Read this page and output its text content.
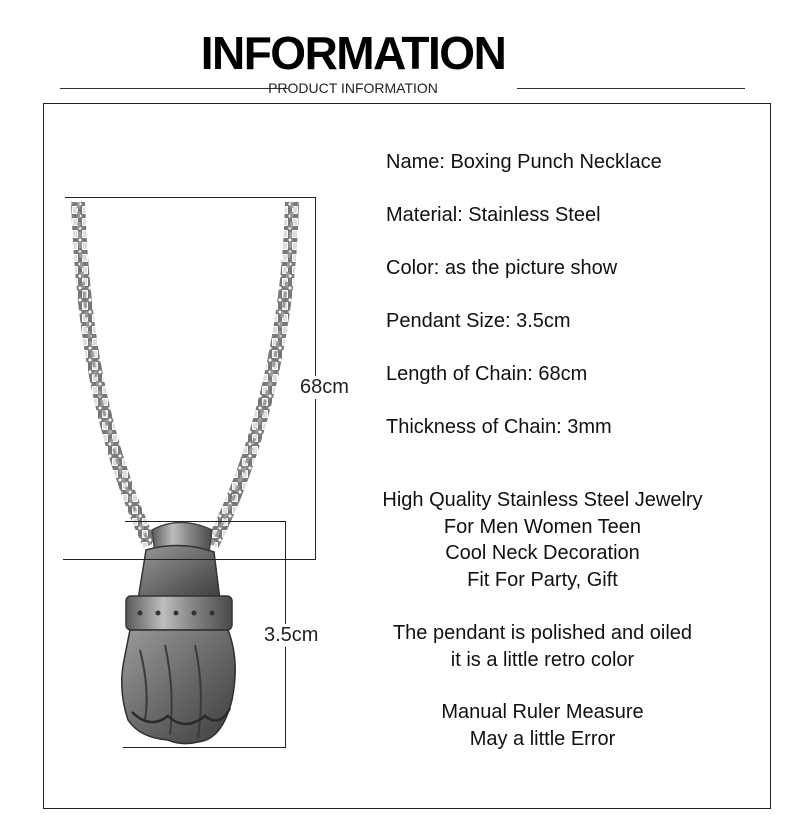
INFORMATION
PRODUCT INFORMATION
68cm
3.5cm
Name: Boxing Punch Necklace
Material: Stainless Steel
Color: as the picture show
Pendant Size: 3.5cm
Length of Chain: 68cm
Thickness of Chain: 3mm
High Quality Stainless Steel Jewelry
For Men Women Teen
Cool Neck Decoration
Fit For Party, Gift
The pendant is polished and oiled
it is a little retro color
Manual Ruler Measure
May a little Error
